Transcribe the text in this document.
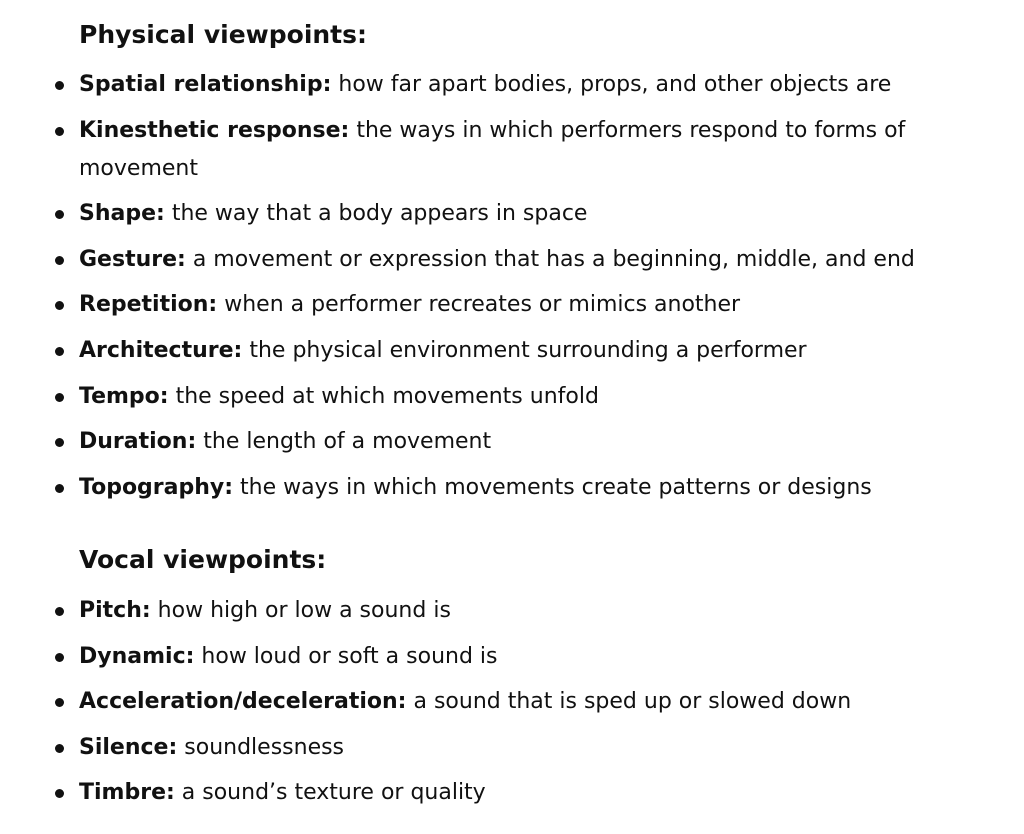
Physical viewpoints:
Spatial relationship: how far apart bodies, props, and other objects are
Kinesthetic response: the ways in which performers respond to forms of movement
Shape: the way that a body appears in space
Gesture: a movement or expression that has a beginning, middle, and end
Repetition: when a performer recreates or mimics another
Architecture: the physical environment surrounding a performer
Tempo: the speed at which movements unfold
Duration: the length of a movement
Topography: the ways in which movements create patterns or designs
Vocal viewpoints:
Pitch: how high or low a sound is
Dynamic: how loud or soft a sound is
Acceleration/deceleration: a sound that is sped up or slowed down
Silence: soundlessness
Timbre: a sound’s texture or quality
